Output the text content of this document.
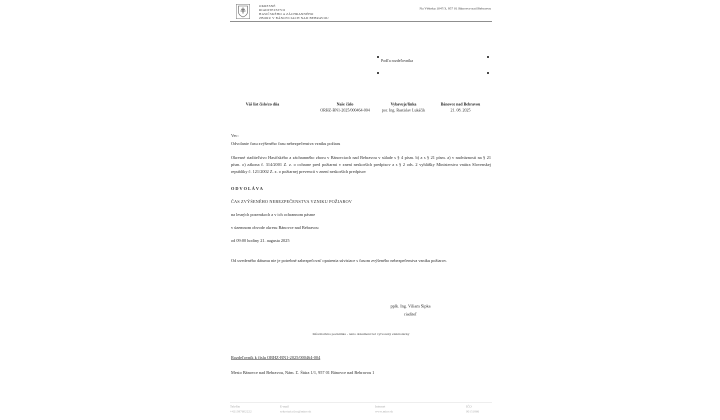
OKRESNÉ
RIADITEĽSTVO
HASIČSKÉHO A ZÁCHRANNÉHO
ZBORU V BÁNOVCIACH NAD BEBRAVOU
Na Vŕšteku 1047/3, 957 01 Bánovce nad Bebravou
Podľa rozdeľovníka
Váš list číslo/zo dňa	Naše číslo
ORHZ-BN1-2025/000464-004
Vybavuje/linka
por. Ing. Rastislav Lukáčik
Bánovce nad Bebravou
21. 08. 2025
Vec:
Odvolanie času zvýšeného času nebezpečenstva vzniku požiaru
Okresné riaditeľstvo Hasičského a záchranného zboru v Bánovciach nad Bebravou v súlade s § 4 písm. b) a s § 21 písm. a) v nadväznosti na § 21 písm. o) zákona č. 314/2001 Z. z. o ochrane pred požiarmi v znení neskorších predpisov a s § 2 ods. 2 vyhlášky Ministerstva vnútra Slovenskej republiky č. 121/2002 Z. z. o požiarnej prevencii v znení neskorších predpisov
O D V O L Á V A
ČAS ZVÝŠENÉHO NEBEZPEČENSTVA VZNIKU POŽIAROV
na lesných pozemkoch a v ich ochrannom pásme
v územnom obvode okresu Bánovce nad Bebravou
od 09:00 hodiny 21. augusta 2025
Od uvedeného dátumu nie je potrebné zabezpečovať opatrenia súvisiace s časom zvýšeného nebezpečenstva vzniku požiarov.
pplk. Ing. Viliam Šipka
riaditeľ
Informatívna poznámka - tento dokument bol vytvorený elektronicky
Rozdeľovník k číslu ORHZ-BN1-2025/000464-004
Mesto Bánovce nad Bebravou, Nám. Ľ. Štúra 1/1, 957 01 Bánovce nad Bebravou 1
Telefón
+421387602222
E-mail
sekretariat.bn@minv.sk
Internet
www.minv.sk
IČO
00151866
